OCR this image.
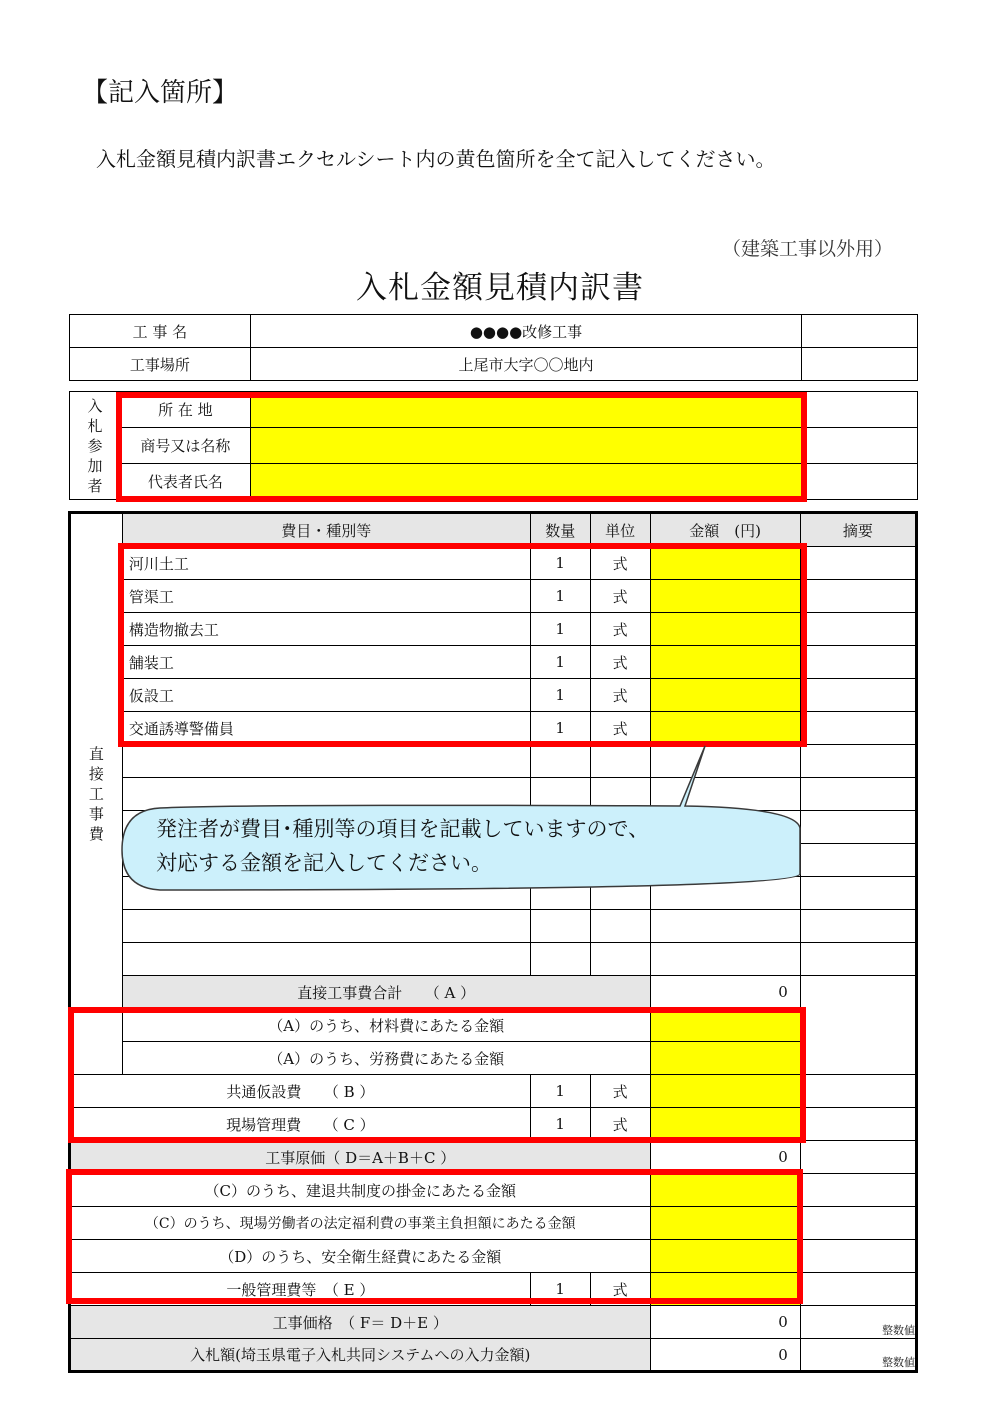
【記入箇所】
入札金額見積内訳書エクセルシート内の黄色箇所を全て記入してください。
（建築工事以外用）
入札金額見積内訳書
工 事 名	●●●●改修工事	
工事場所	上尾市大字〇〇地内	
入札参加者	所 在 地		
	商号又は名称		
	代表者氏名		
直接工事費	費目・種別等	数量	単位	金額　(円)	摘要
	河川土工	1	式		
	管渠工	1	式		
	構造物撤去工	1	式		
	舗装工	1	式		
	仮設工	1	式		
	交通誘導警備員	1	式		

	直接工事費合計　　（ A ）			0	
	（A）のうち、材料費にあたる金額				
	（A）のうち、労務費にあたる金額				
共通仮設費　　（ B ）		1	式		
現場管理費　　（ C ）		1	式		
工事原価（ D＝A＋B＋C ）				0	
（C）のうち、建退共制度の掛金にあたる金額					
（C）のうち、現場労働者の法定福利費の事業主負担額にあたる金額					
（D）のうち、安全衛生経費にあたる金額					
一般管理費等　（ E ）		1	式		
工事価格　（ F＝ D＋E ）				0	整数値
入札額(埼玉県電子入札共同システムへの入力金額)				0	整数値
発注者が費目･種別等の項目を記載していますので、
対応する金額を記入してください。
